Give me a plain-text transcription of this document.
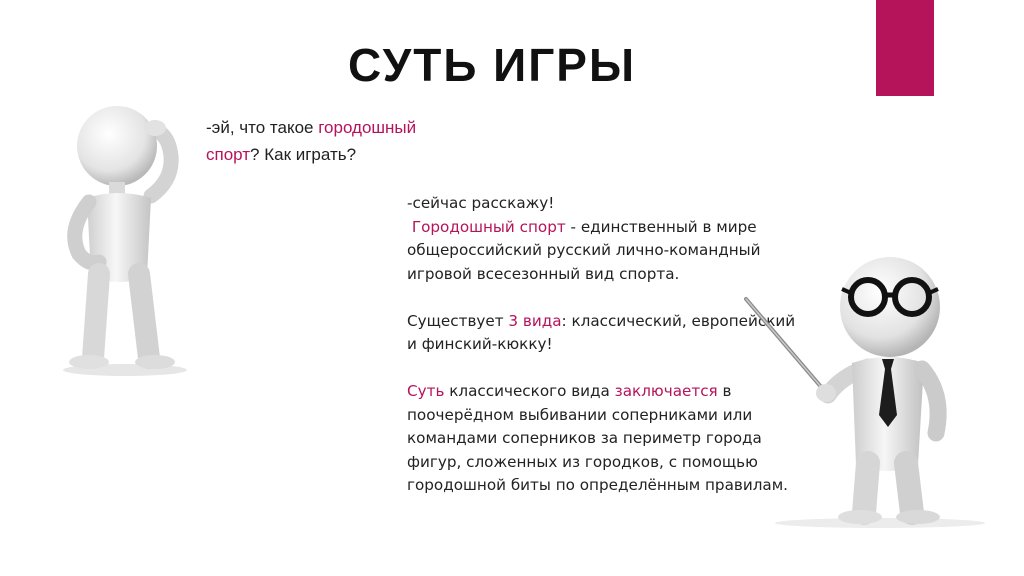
СУТЬ ИГРЫ
-эй, что такое городошный спорт? Как играть?

-сейчас расскажу!

Городошный спорт - единственный в мире общероссийский русский лично-командный игровой всесезонный вид спорта.

Существует 3 вида: классический, европейский и финский-кюкку!

Суть классического вида заключается в поочерёдном выбивании соперниками или командами соперников за периметр города фигур, сложенных из городков, с помощью городошной биты по определённым правилам.
